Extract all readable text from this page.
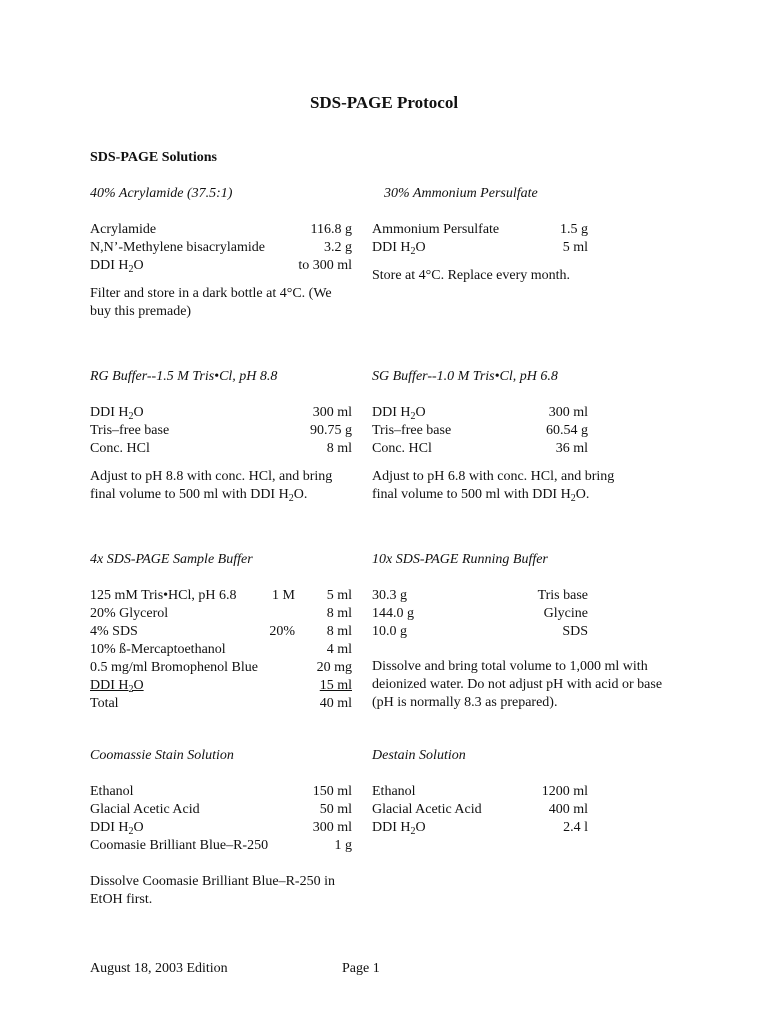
SDS-PAGE Protocol
SDS-PAGE Solutions
40% Acrylamide (37.5:1)
Acrylamide	116.8 g
N,N’-Methylene bisacrylamide	3.2 g
DDI $H_2O$	to 300 ml
Filter and store in a dark bottle at 4°C. (We buy this premade)
30% Ammonium Persulfate
Ammonium Persulfate	1.5 g
DDI $H_2O$	5 ml
Store at 4°C. Replace every month.
RG Buffer--1.5 M Tris•Cl, pH 8.8
DDI $H_2O$	300 ml
Tris–free base	90.75 g
Conc. HCl	8 ml
Adjust to pH 8.8 with conc. HCl, and bring final volume to 500 ml with DDI $H_2O$.
SG Buffer--1.0 M Tris•Cl, pH 6.8
DDI $H_2O$	300 ml
Tris–free base	60.54 g
Conc. HCl	36 ml
Adjust to pH 6.8 with conc. HCl, and bring final volume to 500 ml with DDI $H_2O$.
4x SDS-PAGE Sample Buffer
125 mM Tris•HCl, pH 6.8	1 M 5 ml
20% Glycerol	8 ml
4% SDS	20% 8 ml
10% ß-Mercaptoethanol	4 ml
0.5 mg/ml Bromophenol Blue	20 mg
DDI $H_2O$	15 ml
Total	40 ml
10x SDS-PAGE Running Buffer
30.3 g	Tris base
144.0 g	Glycine
10.0 g	SDS
Dissolve and bring total volume to 1,000 ml with deionized water. Do not adjust pH with acid or base (pH is normally 8.3 as prepared).
Coomassie Stain Solution
Ethanol	150 ml
Glacial Acetic Acid	50 ml
DDI $H_2O$	300 ml
Coomasie Brilliant Blue–R-250	1 g
Dissolve Coomasie Brilliant Blue–R-250 in EtOH first.
Destain Solution
Ethanol	1200 ml
Glacial Acetic Acid	400 ml
DDI $H_2O$	2.4 l
August 18, 2003 Edition	Page 1
